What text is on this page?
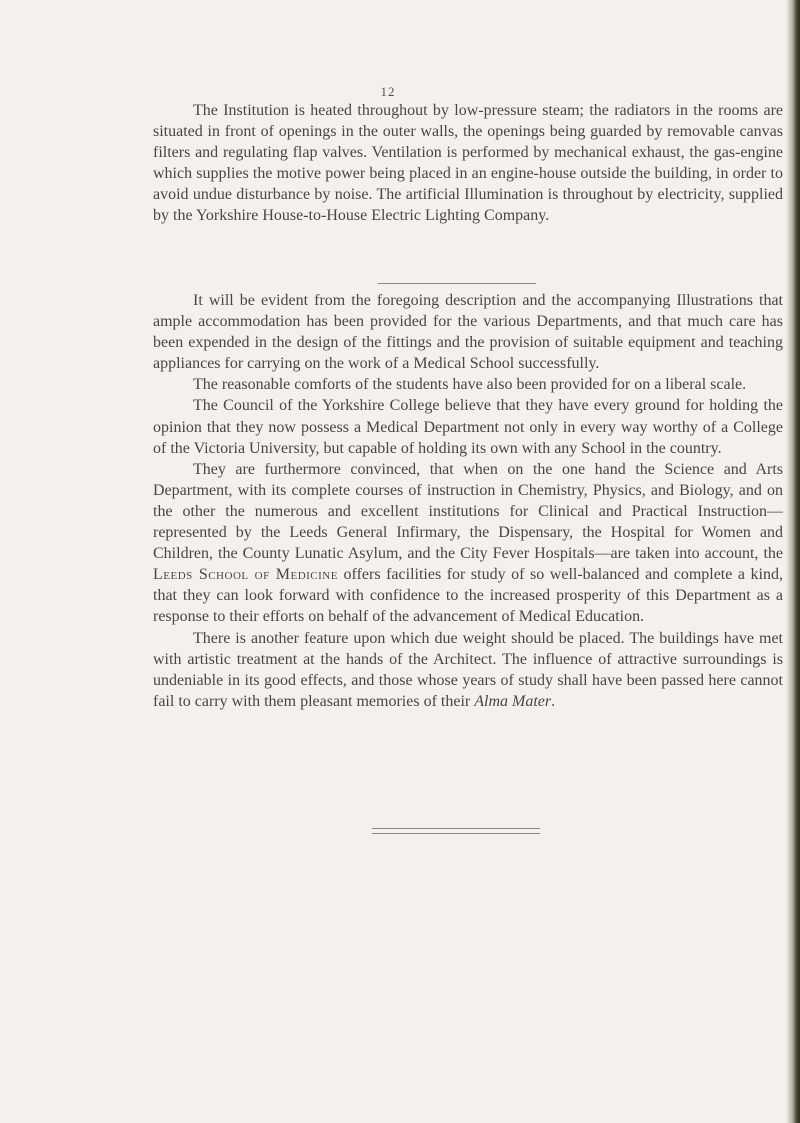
12

The Institution is heated throughout by low-pressure steam; the radiators in the rooms are situated in front of openings in the outer walls, the openings being guarded by removable canvas filters and regulating flap valves. Ventilation is performed by mechanical exhaust, the gas-engine which supplies the motive power being placed in an engine-house outside the building, in order to avoid undue disturbance by noise. The artificial Illumination is throughout by electricity, supplied by the Yorkshire House-to-House Electric Lighting Company.

It will be evident from the foregoing description and the accompanying Illustrations that ample accommodation has been provided for the various Departments, and that much care has been expended in the design of the fittings and the provision of suitable equipment and teaching appliances for carrying on the work of a Medical School successfully.

The reasonable comforts of the students have also been provided for on a liberal scale.

The Council of the Yorkshire College believe that they have every ground for holding the opinion that they now possess a Medical Department not only in every way worthy of a College of the Victoria University, but capable of holding its own with any School in the country.

They are furthermore convinced, that when on the one hand the Science and Arts Department, with its complete courses of instruction in Chemistry, Physics, and Biology, and on the other the numerous and excellent institutions for Clinical and Practical Instruction—represented by the Leeds General Infirmary, the Dispensary, the Hospital for Women and Children, the County Lunatic Asylum, and the City Fever Hospitals—are taken into account, the Leeds School of Medicine offers facilities for study of so well-balanced and complete a kind, that they can look forward with confidence to the increased prosperity of this Department as a response to their efforts on behalf of the advancement of Medical Education.

There is another feature upon which due weight should be placed. The buildings have met with artistic treatment at the hands of the Architect. The influence of attractive surroundings is undeniable in its good effects, and those whose years of study shall have been passed here cannot fail to carry with them pleasant memories of their Alma Mater.
